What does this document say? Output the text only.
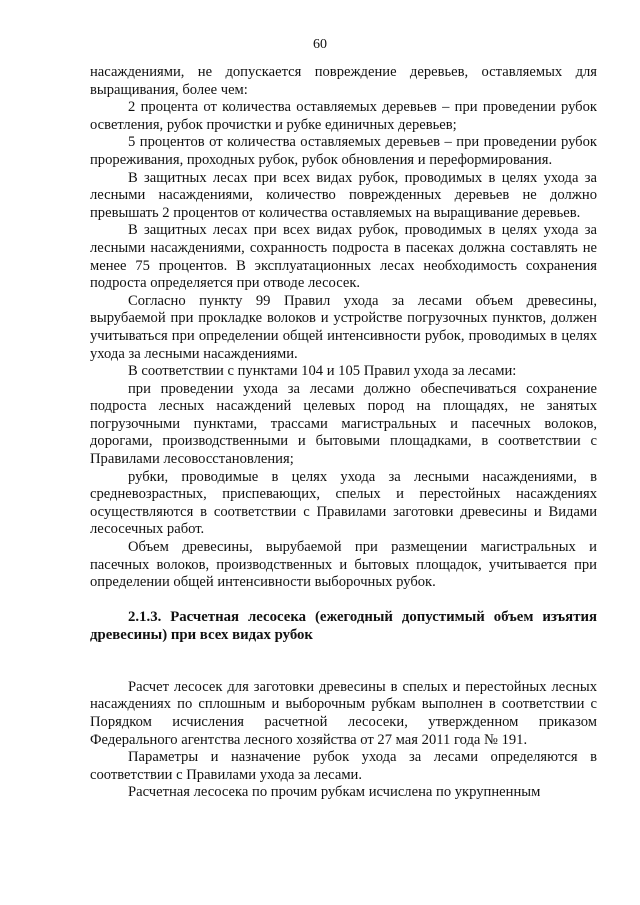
60

насаждениями, не допускается повреждение деревьев, оставляемых для выращивания, более чем:

2 процента от количества оставляемых деревьев – при проведении рубок осветления, рубок прочистки и рубке единичных деревьев;

5 процентов от количества оставляемых деревьев – при проведении рубок прореживания, проходных рубок, рубок обновления и переформирования.

В защитных лесах при всех видах рубок, проводимых в целях ухода за лесными насаждениями, количество поврежденных деревьев не должно превышать 2 процентов от количества оставляемых на выращивание деревьев.

В защитных лесах при всех видах рубок, проводимых в целях ухода за лесными насаждениями, сохранность подроста в пасеках должна составлять не менее 75 процентов. В эксплуатационных лесах необходимость сохранения подроста определяется при отводе лесосек.

Согласно пункту 99 Правил ухода за лесами объем древесины, вырубаемой при прокладке волоков и устройстве погрузочных пунктов, должен учитываться при определении общей интенсивности рубок, проводимых в целях ухода за лесными насаждениями.

В соответствии с пунктами 104 и 105 Правил ухода за лесами:

при проведении ухода за лесами должно обеспечиваться сохранение подроста лесных насаждений целевых пород на площадях, не занятых погрузочными пунктами, трассами магистральных и пасечных волоков, дорогами, производственными и бытовыми площадками, в соответствии с Правилами лесовосстановления;

рубки, проводимые в целях ухода за лесными насаждениями, в средневозрастных, приспевающих, спелых и перестойных насаждениях осуществляются в соответствии с Правилами заготовки древесины и Видами лесосечных работ.

Объем древесины, вырубаемой при размещении магистральных и пасечных волоков, производственных и бытовых площадок, учитывается при определении общей интенсивности выборочных рубок.

2.1.3. Расчетная лесосека (ежегодный допустимый объем изъятия древесины) при всех видах рубок

Расчет лесосек для заготовки древесины в спелых и перестойных лесных насаждениях по сплошным и выборочным рубкам выполнен в соответствии с Порядком исчисления расчетной лесосеки, утвержденном приказом Федерального агентства лесного хозяйства от 27 мая 2011 года № 191.

Параметры и назначение рубок ухода за лесами определяются в соответствии с Правилами ухода за лесами.

Расчетная лесосека по прочим рубкам исчислена по укрупненным
